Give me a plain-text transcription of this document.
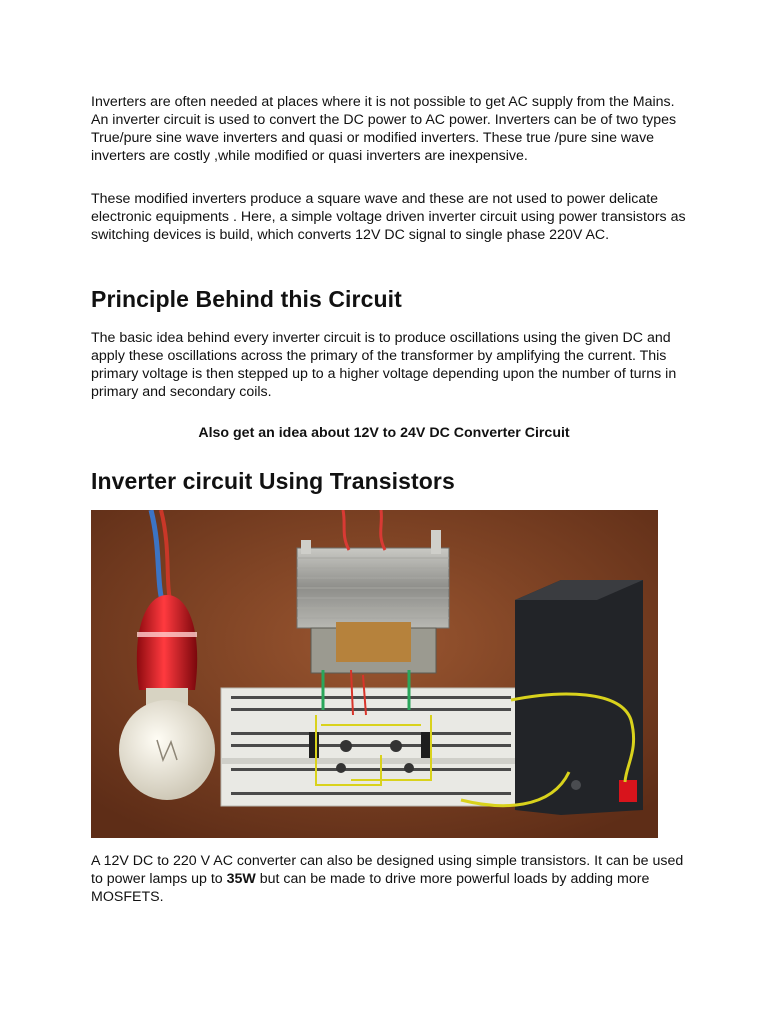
Inverters are often needed at places where it is not possible to get AC supply from the Mains. An inverter circuit is used to convert the DC power to AC power. Inverters can be of two types True/pure sine wave inverters and quasi or modified inverters. These true /pure sine wave inverters are costly ,while modified or quasi inverters are inexpensive.

These modified inverters produce a square wave and these are not used to power delicate electronic equipments . Here, a simple voltage driven inverter circuit using power transistors as switching devices is build, which converts 12V DC signal to single phase 220V AC.

Principle Behind this Circuit

The basic idea behind every inverter circuit is to produce oscillations using the given DC and apply these oscillations across the primary of the transformer by amplifying the current. This primary voltage is then stepped up to a higher voltage depending upon the number of turns in primary and secondary coils.

Also get an idea about 12V to 24V DC Converter Circuit
Inverter circuit Using Transistors

A 12V DC to 220 V AC converter can also be designed using simple transistors. It can be used to power lamps up to 35W but can be made to drive more powerful loads by adding more MOSFETS.
